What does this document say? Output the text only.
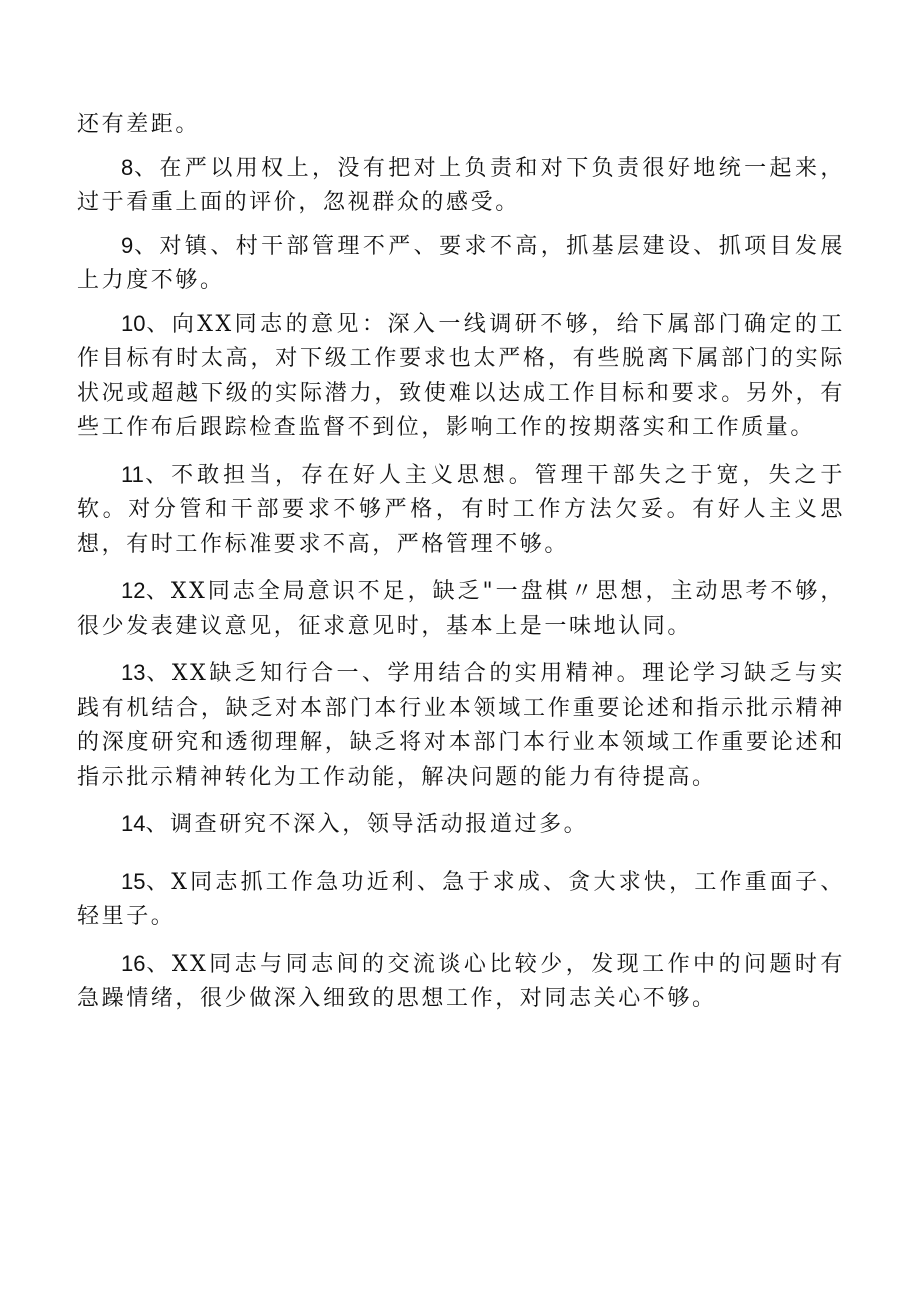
还有差距。

8、在严以用权上，没有把对上负责和对下负责很好地统一起来，过于看重上面的评价，忽视群众的感受。

9、对镇、村干部管理不严、要求不高，抓基层建设、抓项目发展上力度不够。

10、向XX同志的意见：深入一线调研不够，给下属部门确定的工作目标有时太高，对下级工作要求也太严格，有些脱离下属部门的实际状况或超越下级的实际潜力，致使难以达成工作目标和要求。另外，有些工作布后跟踪检查监督不到位，影响工作的按期落实和工作质量。

11、不敢担当，存在好人主义思想。管理干部失之于宽，失之于软。对分管和干部要求不够严格，有时工作方法欠妥。有好人主义思想，有时工作标准要求不高，严格管理不够。

12、XX同志全局意识不足，缺乏"一盘棋〃思想，主动思考不够，很少发表建议意见，征求意见时，基本上是一味地认同。

13、XX缺乏知行合一、学用结合的实用精神。理论学习缺乏与实践有机结合，缺乏对本部门本行业本领域工作重要论述和指示批示精神的深度研究和透彻理解，缺乏将对本部门本行业本领域工作重要论述和指示批示精神转化为工作动能，解决问题的能力有待提高。

14、调查研究不深入，领导活动报道过多。

15、X同志抓工作急功近利、急于求成、贪大求快，工作重面子、轻里子。

16、XX同志与同志间的交流谈心比较少，发现工作中的问题时有急躁情绪，很少做深入细致的思想工作，对同志关心不够。
